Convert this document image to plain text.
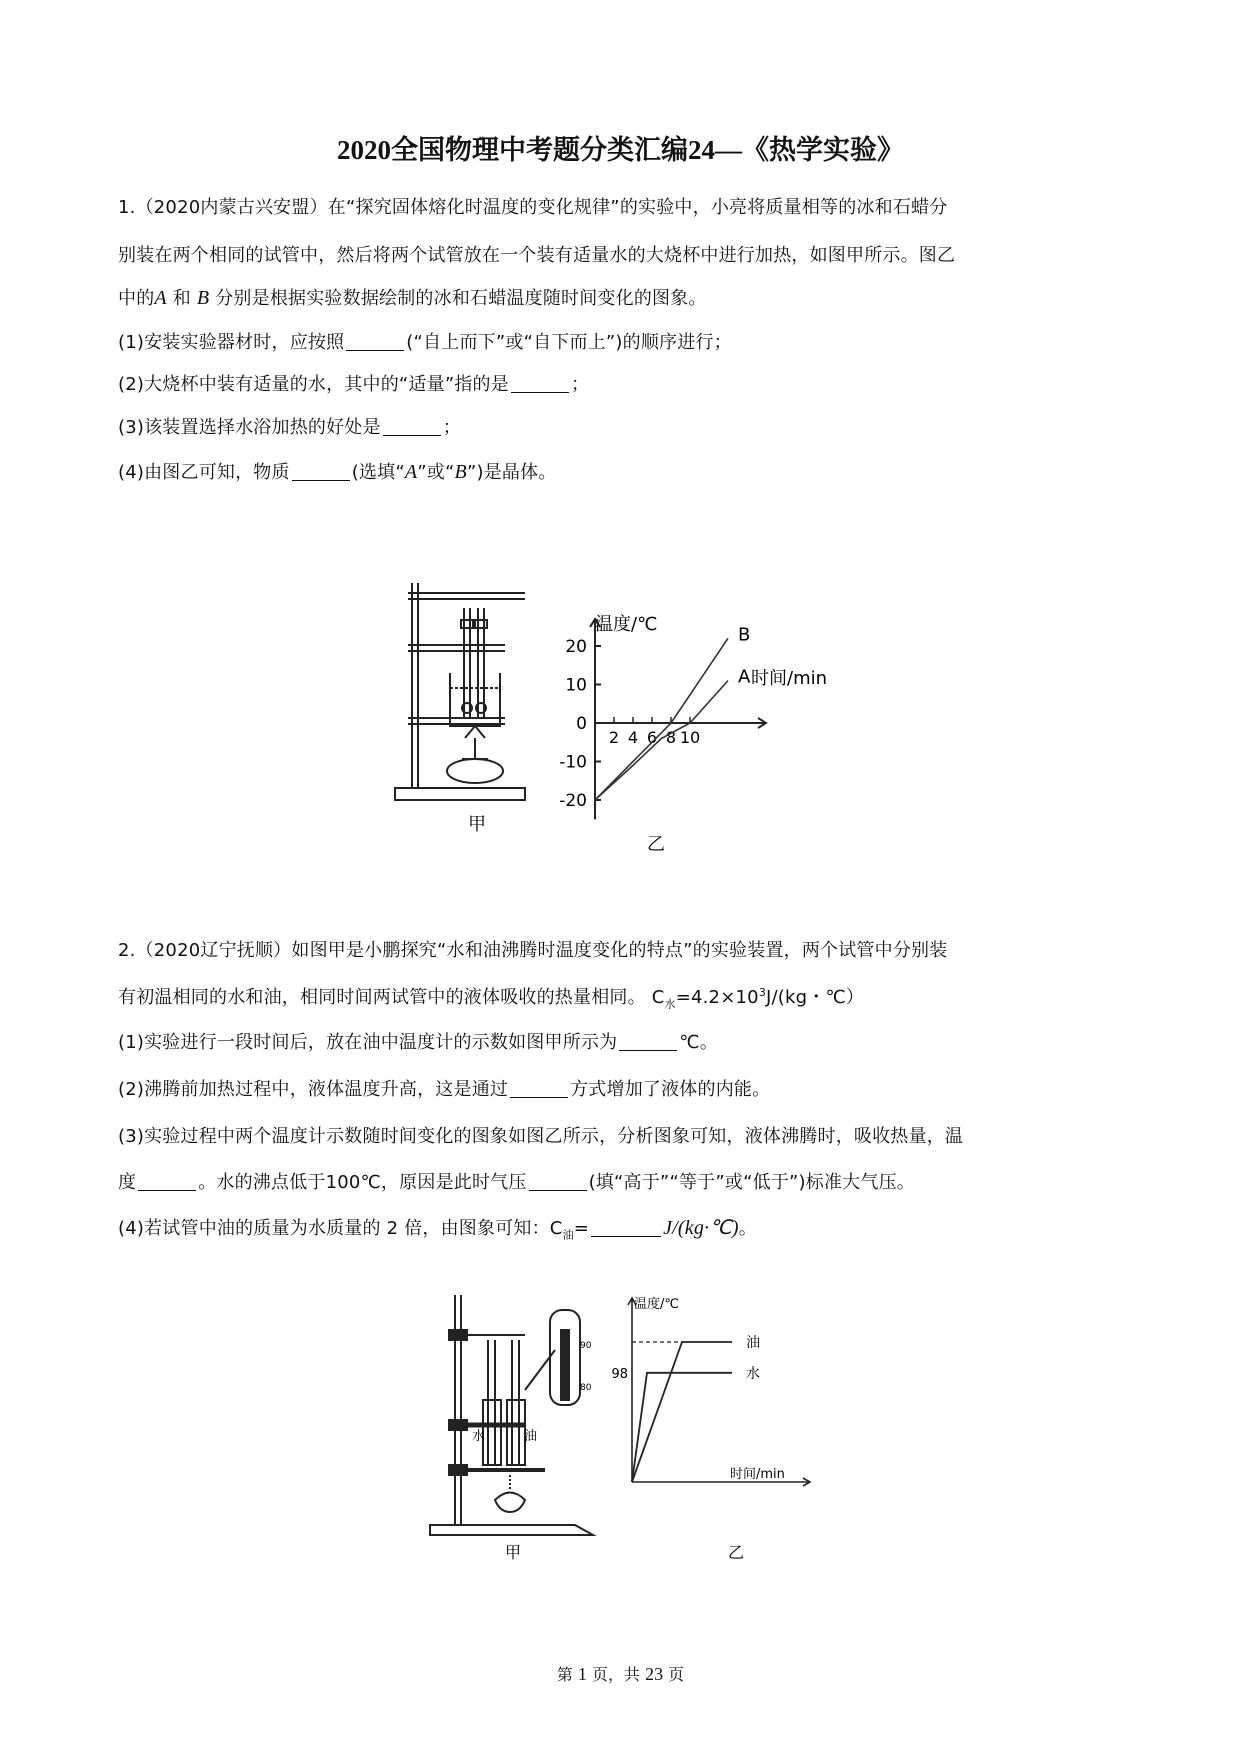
2020全国物理中考题分类汇编24—《热学实验》
1.（2020内蒙古兴安盟）在“探究固体熔化时温度的变化规律”的实验中，小亮将质量相等的冰和石蜡分
别装在两个相同的试管中，然后将两个试管放在一个装有适量水的大烧杯中进行加热，如图甲所示。图乙
中的A 和 B 分别是根据实验数据绘制的冰和石蜡温度随时间变化的图象。
(1)安装实验器材时，应按照	(“自上而下”或“自下而上”)的顺序进行；
(2)大烧杯中装有适量的水，其中的“适量”指的是	；
(3)该装置选择水浴加热的好处是	；
(4)由图乙可知，物质	(选填“A”或“B”)是晶体。
甲
20
10
0
-10
-20
2 4 6 8 10
A
B
温度/℃
时间/min
乙
2.（2020辽宁抚顺）如图甲是小鹏探究“水和油沸腾时温度变化的特点”的实验装置，两个试管中分别装
有初温相同的水和油，相同时间两试管中的液体吸收的热量相同。 $C_水=4.2\times 10^3J/(kg$・℃）
(1)实验进行一段时间后，放在油中温度计的示数如图甲所示为	℃。
(2)沸腾前加热过程中，液体温度升高，这是通过	方式增加了液体的内能。
(3)实验过程中两个温度计示数随时间变化的图象如图乙所示，分析图象可知，液体沸腾时，吸收热量，温
度	。水的沸点低于100℃，原因是此时气压	(填“高于”“等于”或“低于”)标准大气压。
(4)若试管中油的质量为水质量的 2 倍，由图象可知：$C_油=$	J/(kg·℃)。
90
80
水	油
甲
98
油
水
温度/℃
时间/min
乙
第 1 页，共 23 页
